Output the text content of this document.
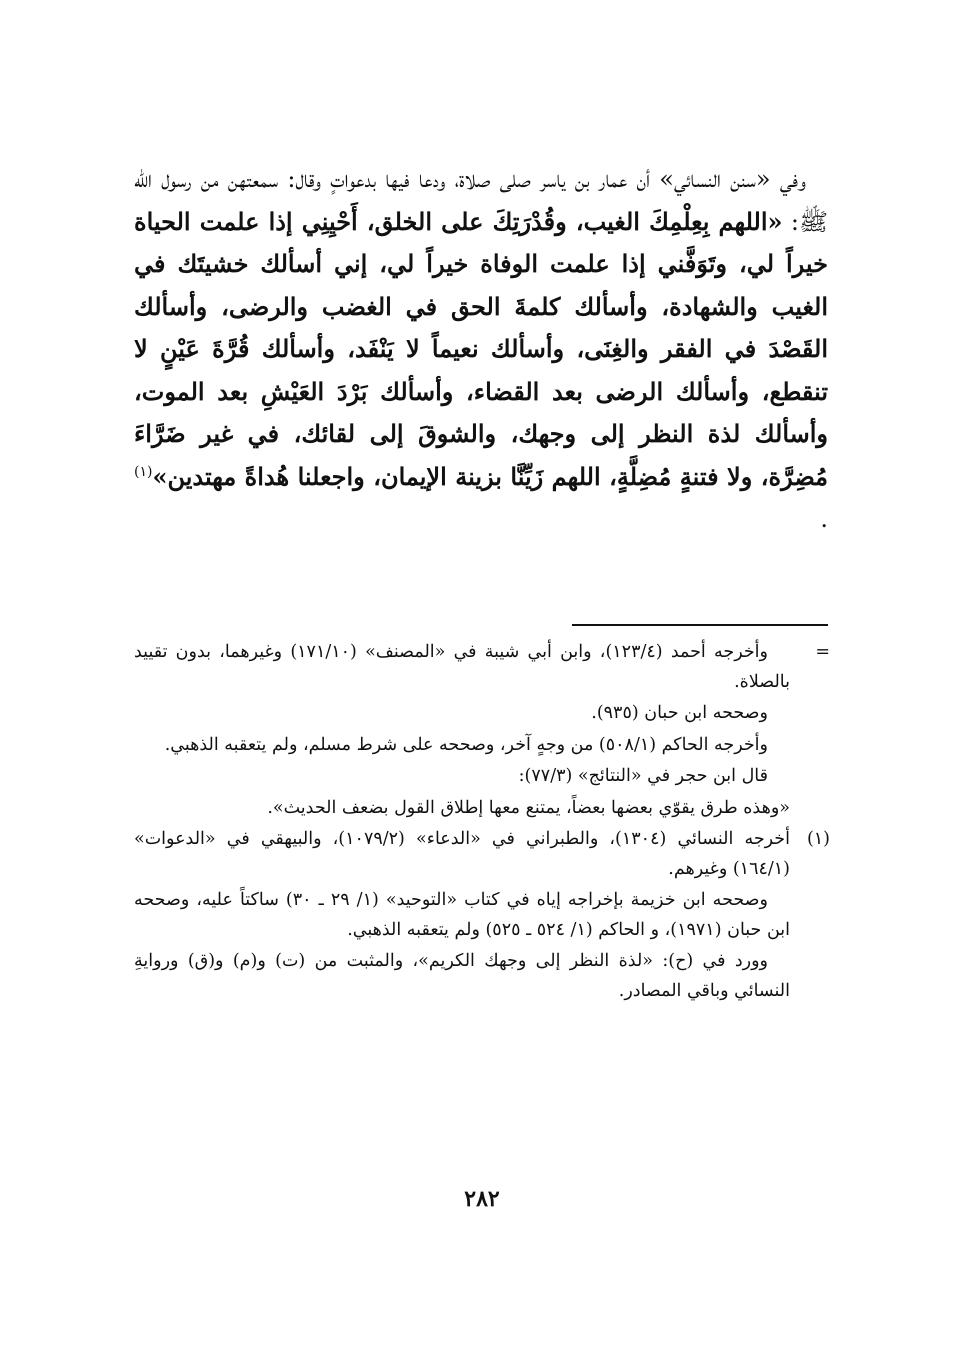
وفي «سنن النسائي» أن عمار بن ياسر صلى صلاة، ودعا فيها بدعواتٍ وقال: سمعتهن من رسول الله ﷺ: «اللهم بِعِلْمِكَ الغيب، وقُدْرَتِكَ على الخلق، أَحْيِنِي إذا علمت الحياة خيراً لي، وتَوَفَّني إذا علمت الوفاة خيراً لي، إني أسألك خشيتَك في الغيب والشهادة، وأسألك كلمةَ الحق في الغضب والرضى، وأسألك القَصْدَ في الفقر والغِنَى، وأسألك نعيماً لا يَنْفَد، وأسألك قُرَّةَ عَيْنٍ لا تنقطع، وأسألك الرضى بعد القضاء، وأسألك بَرْدَ العَيْشِ بعد الموت، وأسألك لذة النظر إلى وجهك، والشوقَ إلى لقائك، في غير ضَرَّاءَ مُضِرَّة، ولا فتنةٍ مُضِلَّةٍ، اللهم زَيِّنَّا بزينة الإيمان، واجعلنا هُداةً مهتدين»$^{(١)}$ .

=
وأخرجه أحمد (١٢٣/٤)، وابن أبي شيبة في «المصنف» (١٧١/١٠) وغيرهما، بدون تقييد بالصلاة.
وصححه ابن حبان (٩٣٥).
وأخرجه الحاكم (٥٠٨/١) من وجهٍ آخر، وصححه على شرط مسلم، ولم يتعقبه الذهبي.
قال ابن حجر في «النتائج» (٧٧/٣):
«وهذه طرق يقوّي بعضها بعضاً، يمتنع معها إطلاق القول بضعف الحديث».
(١)
أخرجه النسائي (١٣٠٤)، والطبراني في «الدعاء» (١٠٧٩/٢)، والبيهقي في «الدعوات» (١٦٤/١) وغيرهم.
وصححه ابن خزيمة بإخراجه إياه في كتاب «التوحيد» (١/ ٢٩ ـ ٣٠) ساكتاً عليه، وصححه ابن حبان (١٩٧١)، و الحاكم (١/ ٥٢٤ ـ ٥٢٥) ولم يتعقبه الذهبي.
وورد في (ح): «لذة النظر إلى وجهك الكريم»، والمثبت من (ت) و(م) و(ق) وروايةِ النسائي وباقي المصادر.
٢٨٢
